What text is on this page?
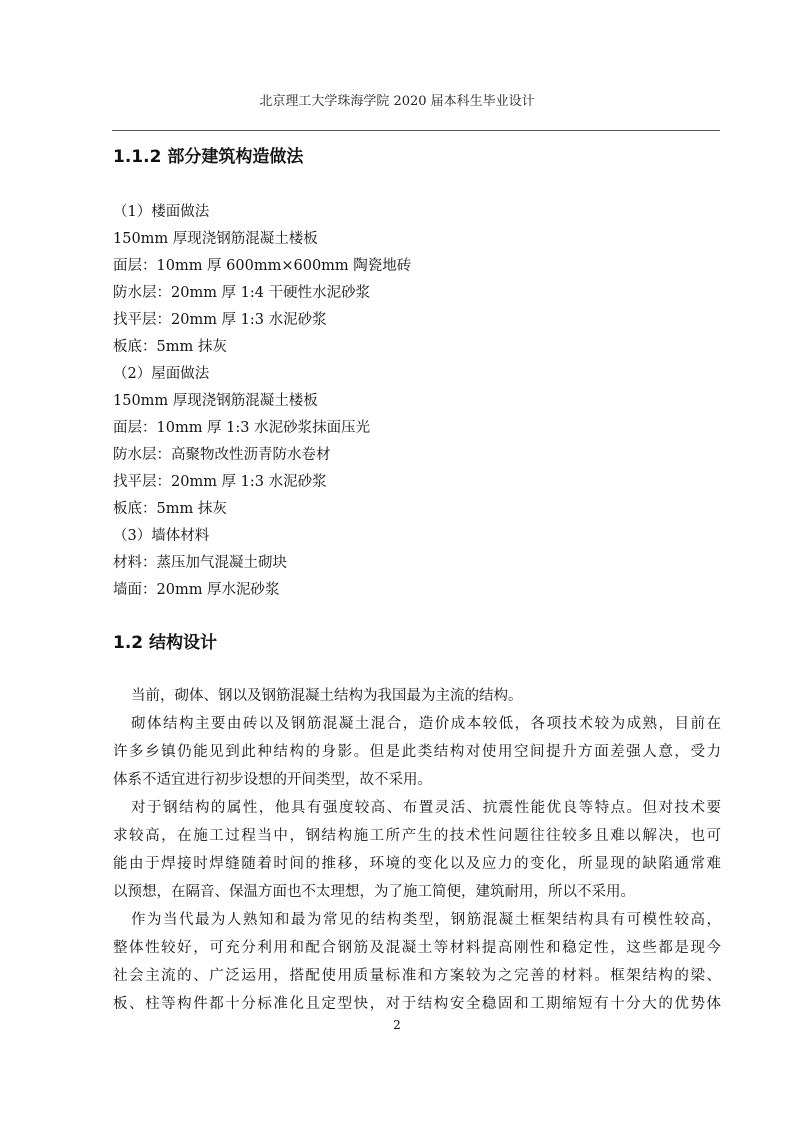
北京理工大学珠海学院 2020 届本科生毕业设计
1.1.2 部分建筑构造做法
（1）楼面做法
150mm 厚现浇钢筋混凝土楼板
面层：10mm 厚 600mm×600mm 陶瓷地砖
防水层：20mm 厚 1:4 干硬性水泥砂浆
找平层：20mm 厚 1:3 水泥砂浆
板底：5mm 抹灰
（2）屋面做法
150mm 厚现浇钢筋混凝土楼板
面层：10mm 厚 1:3 水泥砂浆抹面压光
防水层：高聚物改性沥青防水卷材
找平层：20mm 厚 1:3 水泥砂浆
板底：5mm 抹灰
（3）墙体材料
材料：蒸压加气混凝土砌块
墙面：20mm 厚水泥砂浆
1.2 结构设计
当前，砌体、钢以及钢筋混凝土结构为我国最为主流的结构。
砌体结构主要由砖以及钢筋混凝土混合，造价成本较低，各项技术较为成熟，目前在
许多乡镇仍能见到此种结构的身影。但是此类结构对使用空间提升方面差强人意，受力
体系不适宜进行初步设想的开间类型，故不采用。
对于钢结构的属性，他具有强度较高、布置灵活、抗震性能优良等特点。但对技术要
求较高，在施工过程当中，钢结构施工所产生的技术性问题往往较多且难以解决，也可
能由于焊接时焊缝随着时间的推移，环境的变化以及应力的变化，所显现的缺陷通常难
以预想，在隔音、保温方面也不太理想，为了施工简便，建筑耐用，所以不采用。
作为当代最为人熟知和最为常见的结构类型，钢筋混凝土框架结构具有可模性较高，
整体性较好，可充分利用和配合钢筋及混凝土等材料提高刚性和稳定性，这些都是现今
社会主流的、广泛运用，搭配使用质量标准和方案较为之完善的材料。框架结构的梁、
板、柱等构件都十分标准化且定型快，对于结构安全稳固和工期缩短有十分大的优势体
2
